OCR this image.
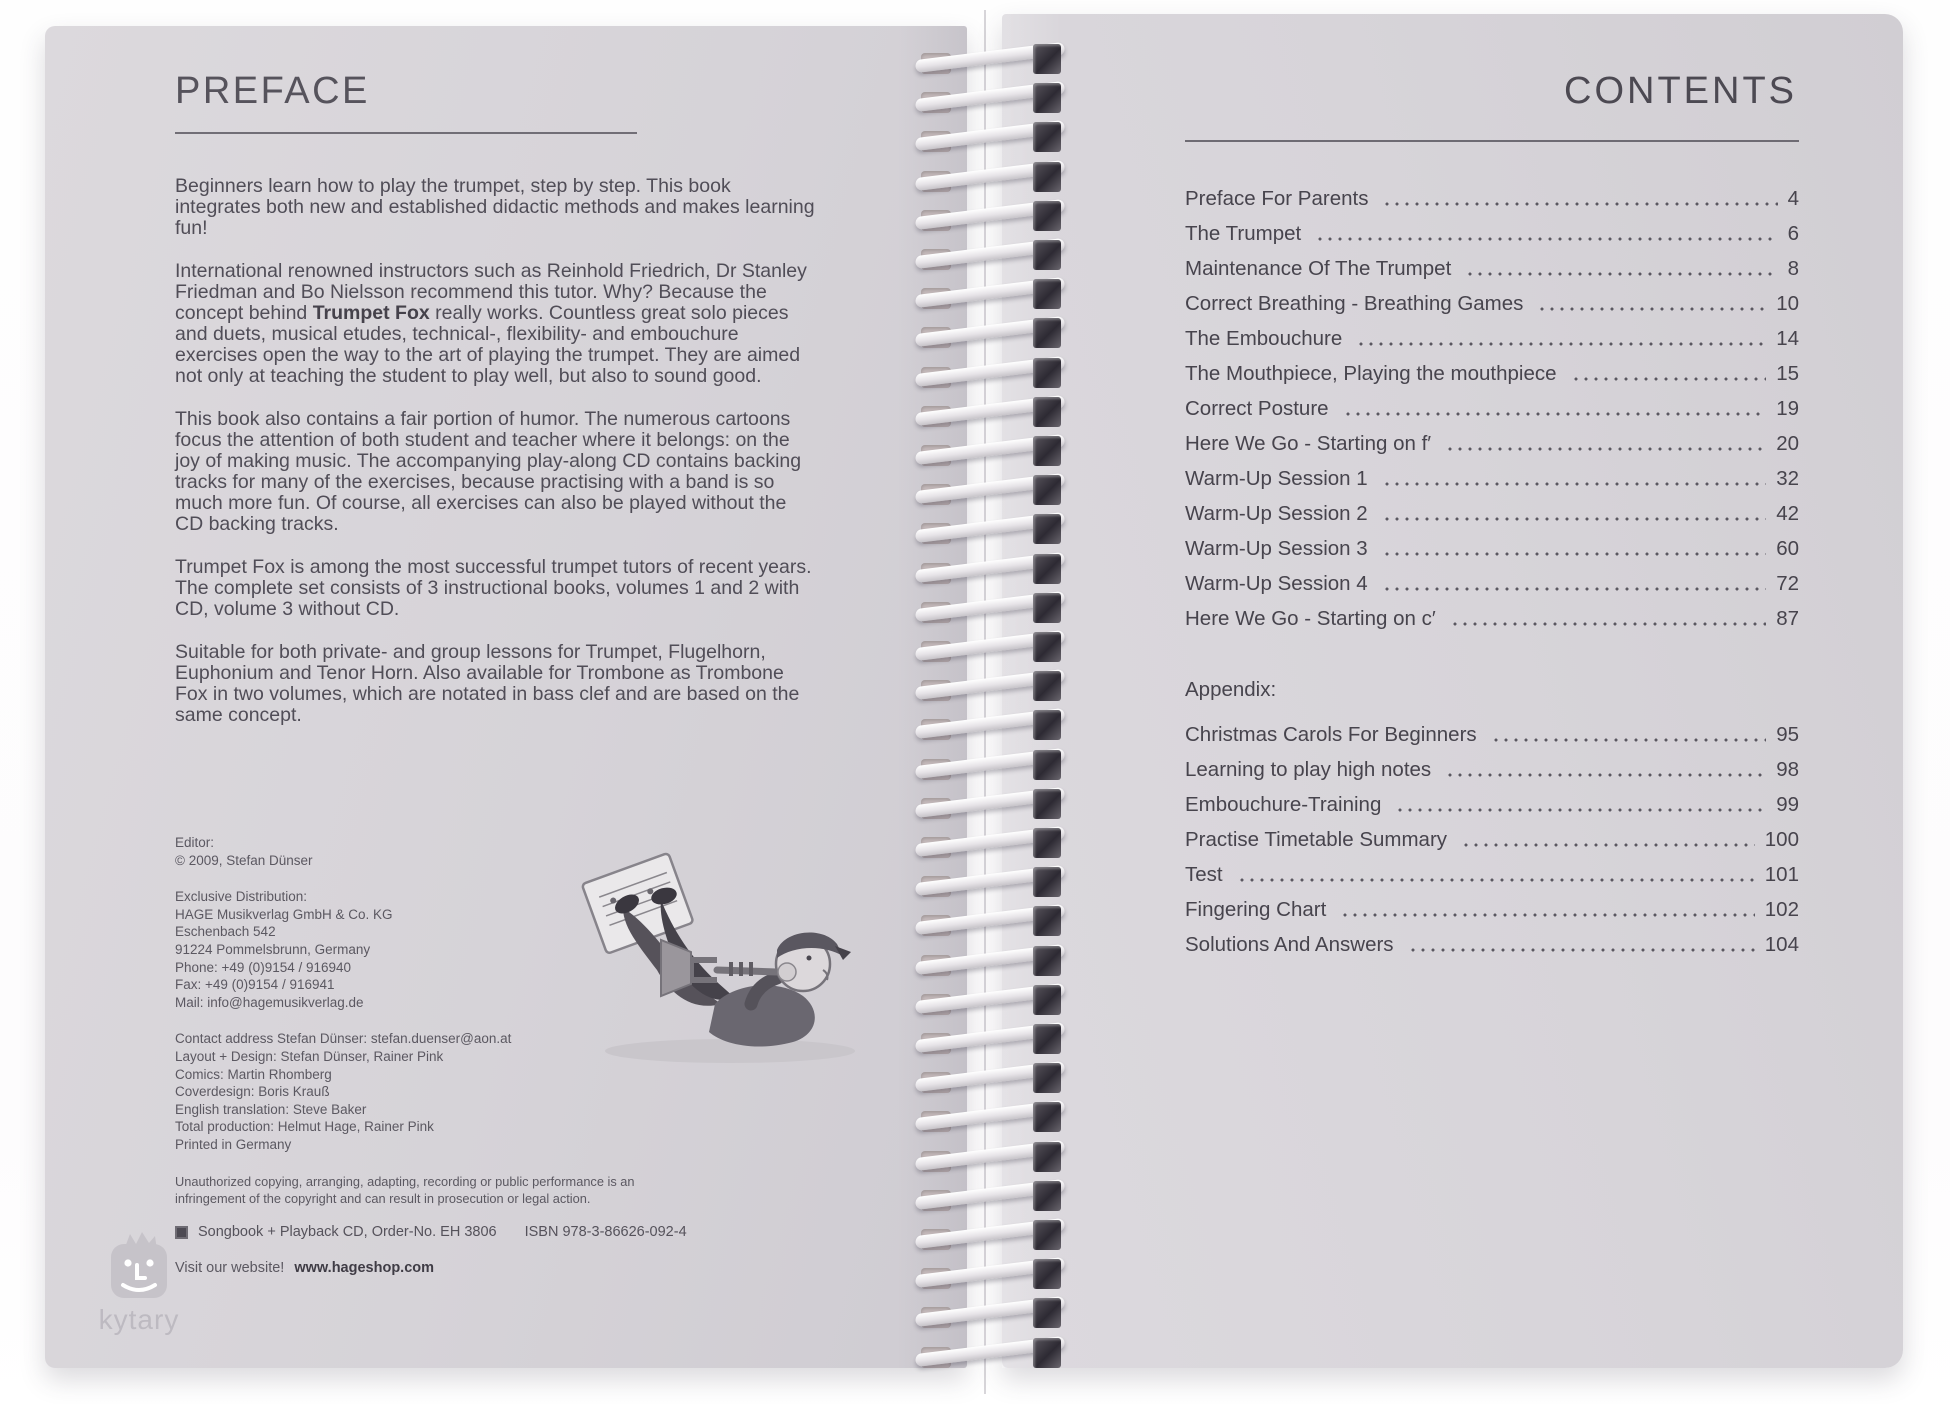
PREFACE

Beginners learn how to play the trumpet, step by step. This book integrates both new and established didactic methods and makes learning fun!

International renowned instructors such as Reinhold Friedrich, Dr Stanley Friedman and Bo Nielsson recommend this tutor. Why? Because the concept behind Trumpet Fox really works. Countless great solo pieces and duets, musical etudes, technical-, flexibility- and embouchure exercises open the way to the art of playing the trumpet. They are aimed not only at teaching the student to play well, but also to sound good.

This book also contains a fair portion of humor. The numerous cartoons focus the attention of both student and teacher where it belongs: on the joy of making music. The accompanying play-along CD contains backing tracks for many of the exercises, because practising with a band is so much more fun. Of course, all exercises can also be played without the CD backing tracks.

Trumpet Fox is among the most successful trumpet tutors of recent years. The complete set consists of 3 instructional books, volumes 1 and 2 with CD, volume 3 without CD.

Suitable for both private- and group lessons for Trumpet, Flugelhorn, Euphonium and Tenor Horn. Also available for Trombone as Trombone Fox in two volumes, which are notated in bass clef and are based on the same concept.

Editor:
© 2009, Stefan Dünser
Exclusive Distribution:
HAGE Musikverlag GmbH & Co. KG
Eschenbach 542
91224 Pommelsbrunn, Germany
Phone: +49 (0)9154 / 916940
Fax: +49 (0)9154 / 916941
Mail: info@hagemusikverlag.de
Contact address Stefan Dünser: stefan.duenser@aon.at
Layout + Design: Stefan Dünser, Rainer Pink
Comics: Martin Rhomberg
Coverdesign: Boris Krauß
English translation: Steve Baker
Total production: Helmut Hage, Rainer Pink
Printed in Germany
Unauthorized copying, arranging, adapting, recording or public performance is an infringement of the copyright and can result in prosecution or legal action.
Songbook + Playback CD, Order-No. EH 3806 ISBN 978-3-86626-092-4
Visit our website! www.hageshop.com
kytary
CONTENTS
Preface For Parents	4
The Trumpet	6
Maintenance Of The Trumpet	8
Correct Breathing - Breathing Games	10
The Embouchure	14
The Mouthpiece, Playing the mouthpiece	15
Correct Posture	19
Here We Go - Starting on f′	20
Warm-Up Session 1	32
Warm-Up Session 2	42
Warm-Up Session 3	60
Warm-Up Session 4	72
Here We Go - Starting on c′	87
Appendix:
Christmas Carols For Beginners	95
Learning to play high notes	98
Embouchure-Training	99
Practise Timetable Summary	100
Test	101
Fingering Chart	102
Solutions And Answers	104
